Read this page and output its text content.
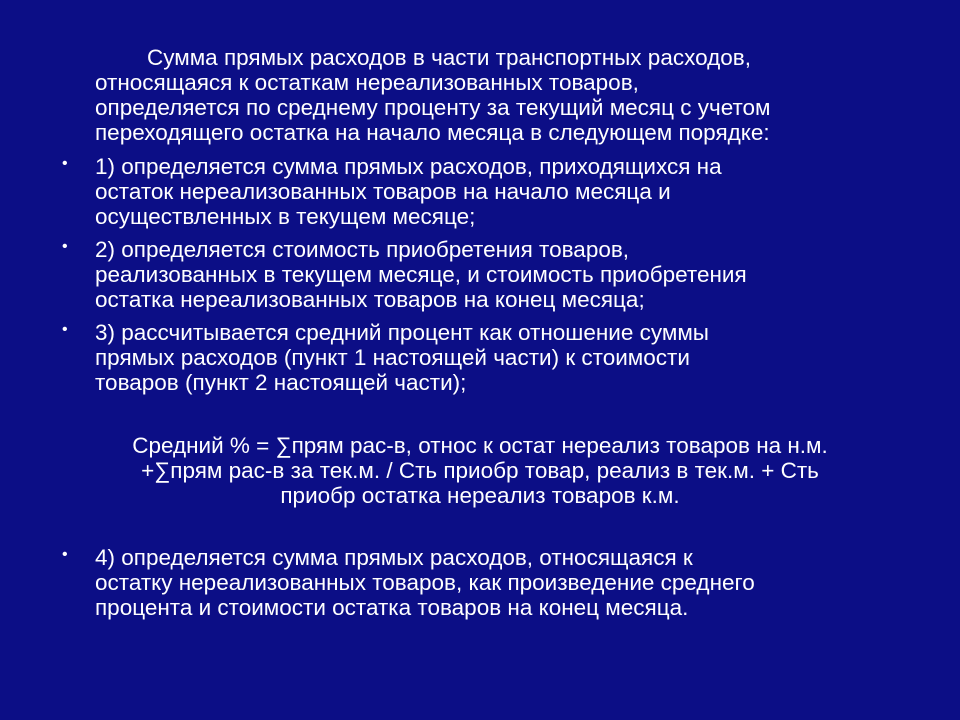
Сумма прямых расходов в части транспортных расходов,
относящаяся к остаткам нереализованных товаров,
определяется по среднему проценту за текущий месяц с учетом
переходящего остатка на начало месяца в следующем порядке:
• 1) определяется сумма прямых расходов, приходящихся на
остаток нереализованных товаров на начало месяца и
осуществленных в текущем месяце;
• 2) определяется стоимость приобретения товаров,
реализованных в текущем месяце, и стоимость приобретения
остатка нереализованных товаров на конец месяца;
• 3) рассчитывается средний процент как отношение суммы
прямых расходов (пункт 1 настоящей части) к стоимости
товаров (пункт 2 настоящей части);
Средний % = ∑прям рас-в, относ к остат нереализ товаров на н.м.
+∑прям рас-в за тек.м. / Сть приобр товар, реализ в тек.м. + Сть
приобр остатка нереализ товаров к.м.
• 4) определяется сумма прямых расходов, относящаяся к
остатку нереализованных товаров, как произведение среднего
процента и стоимости остатка товаров на конец месяца.
